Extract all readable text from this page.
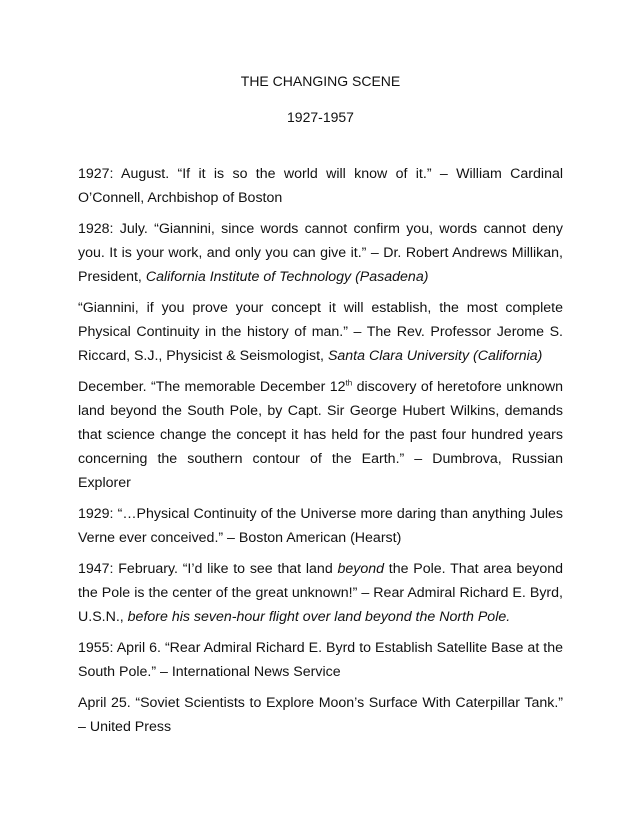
THE CHANGING SCENE

1927-1957

1927: August. “If it is so the world will know of it.” – William Cardinal O’Connell, Archbishop of Boston

1928: July. “Giannini, since words cannot confirm you, words cannot deny you. It is your work, and only you can give it.” – Dr. Robert Andrews Millikan, President, California Institute of Technology (Pasadena)

“Giannini, if you prove your concept it will establish, the most complete Physical Continuity in the history of man.” – The Rev. Professor Jerome S. Riccard, S.J., Physicist & Seismologist, Santa Clara University (California)

December. “The memorable December 12th discovery of heretofore unknown land beyond the South Pole, by Capt. Sir George Hubert Wilkins, demands that science change the concept it has held for the past four hundred years concerning the southern contour of the Earth.” – Dumbrova, Russian Explorer

1929: “…Physical Continuity of the Universe more daring than anything Jules Verne ever conceived.” – Boston American (Hearst)

1947: February. “I’d like to see that land beyond the Pole. That area beyond the Pole is the center of the great unknown!” – Rear Admiral Richard E. Byrd, U.S.N., before his seven-hour flight over land beyond the North Pole.

1955: April 6. “Rear Admiral Richard E. Byrd to Establish Satellite Base at the South Pole.” – International News Service

April 25. “Soviet Scientists to Explore Moon’s Surface With Caterpillar Tank.” – United Press
